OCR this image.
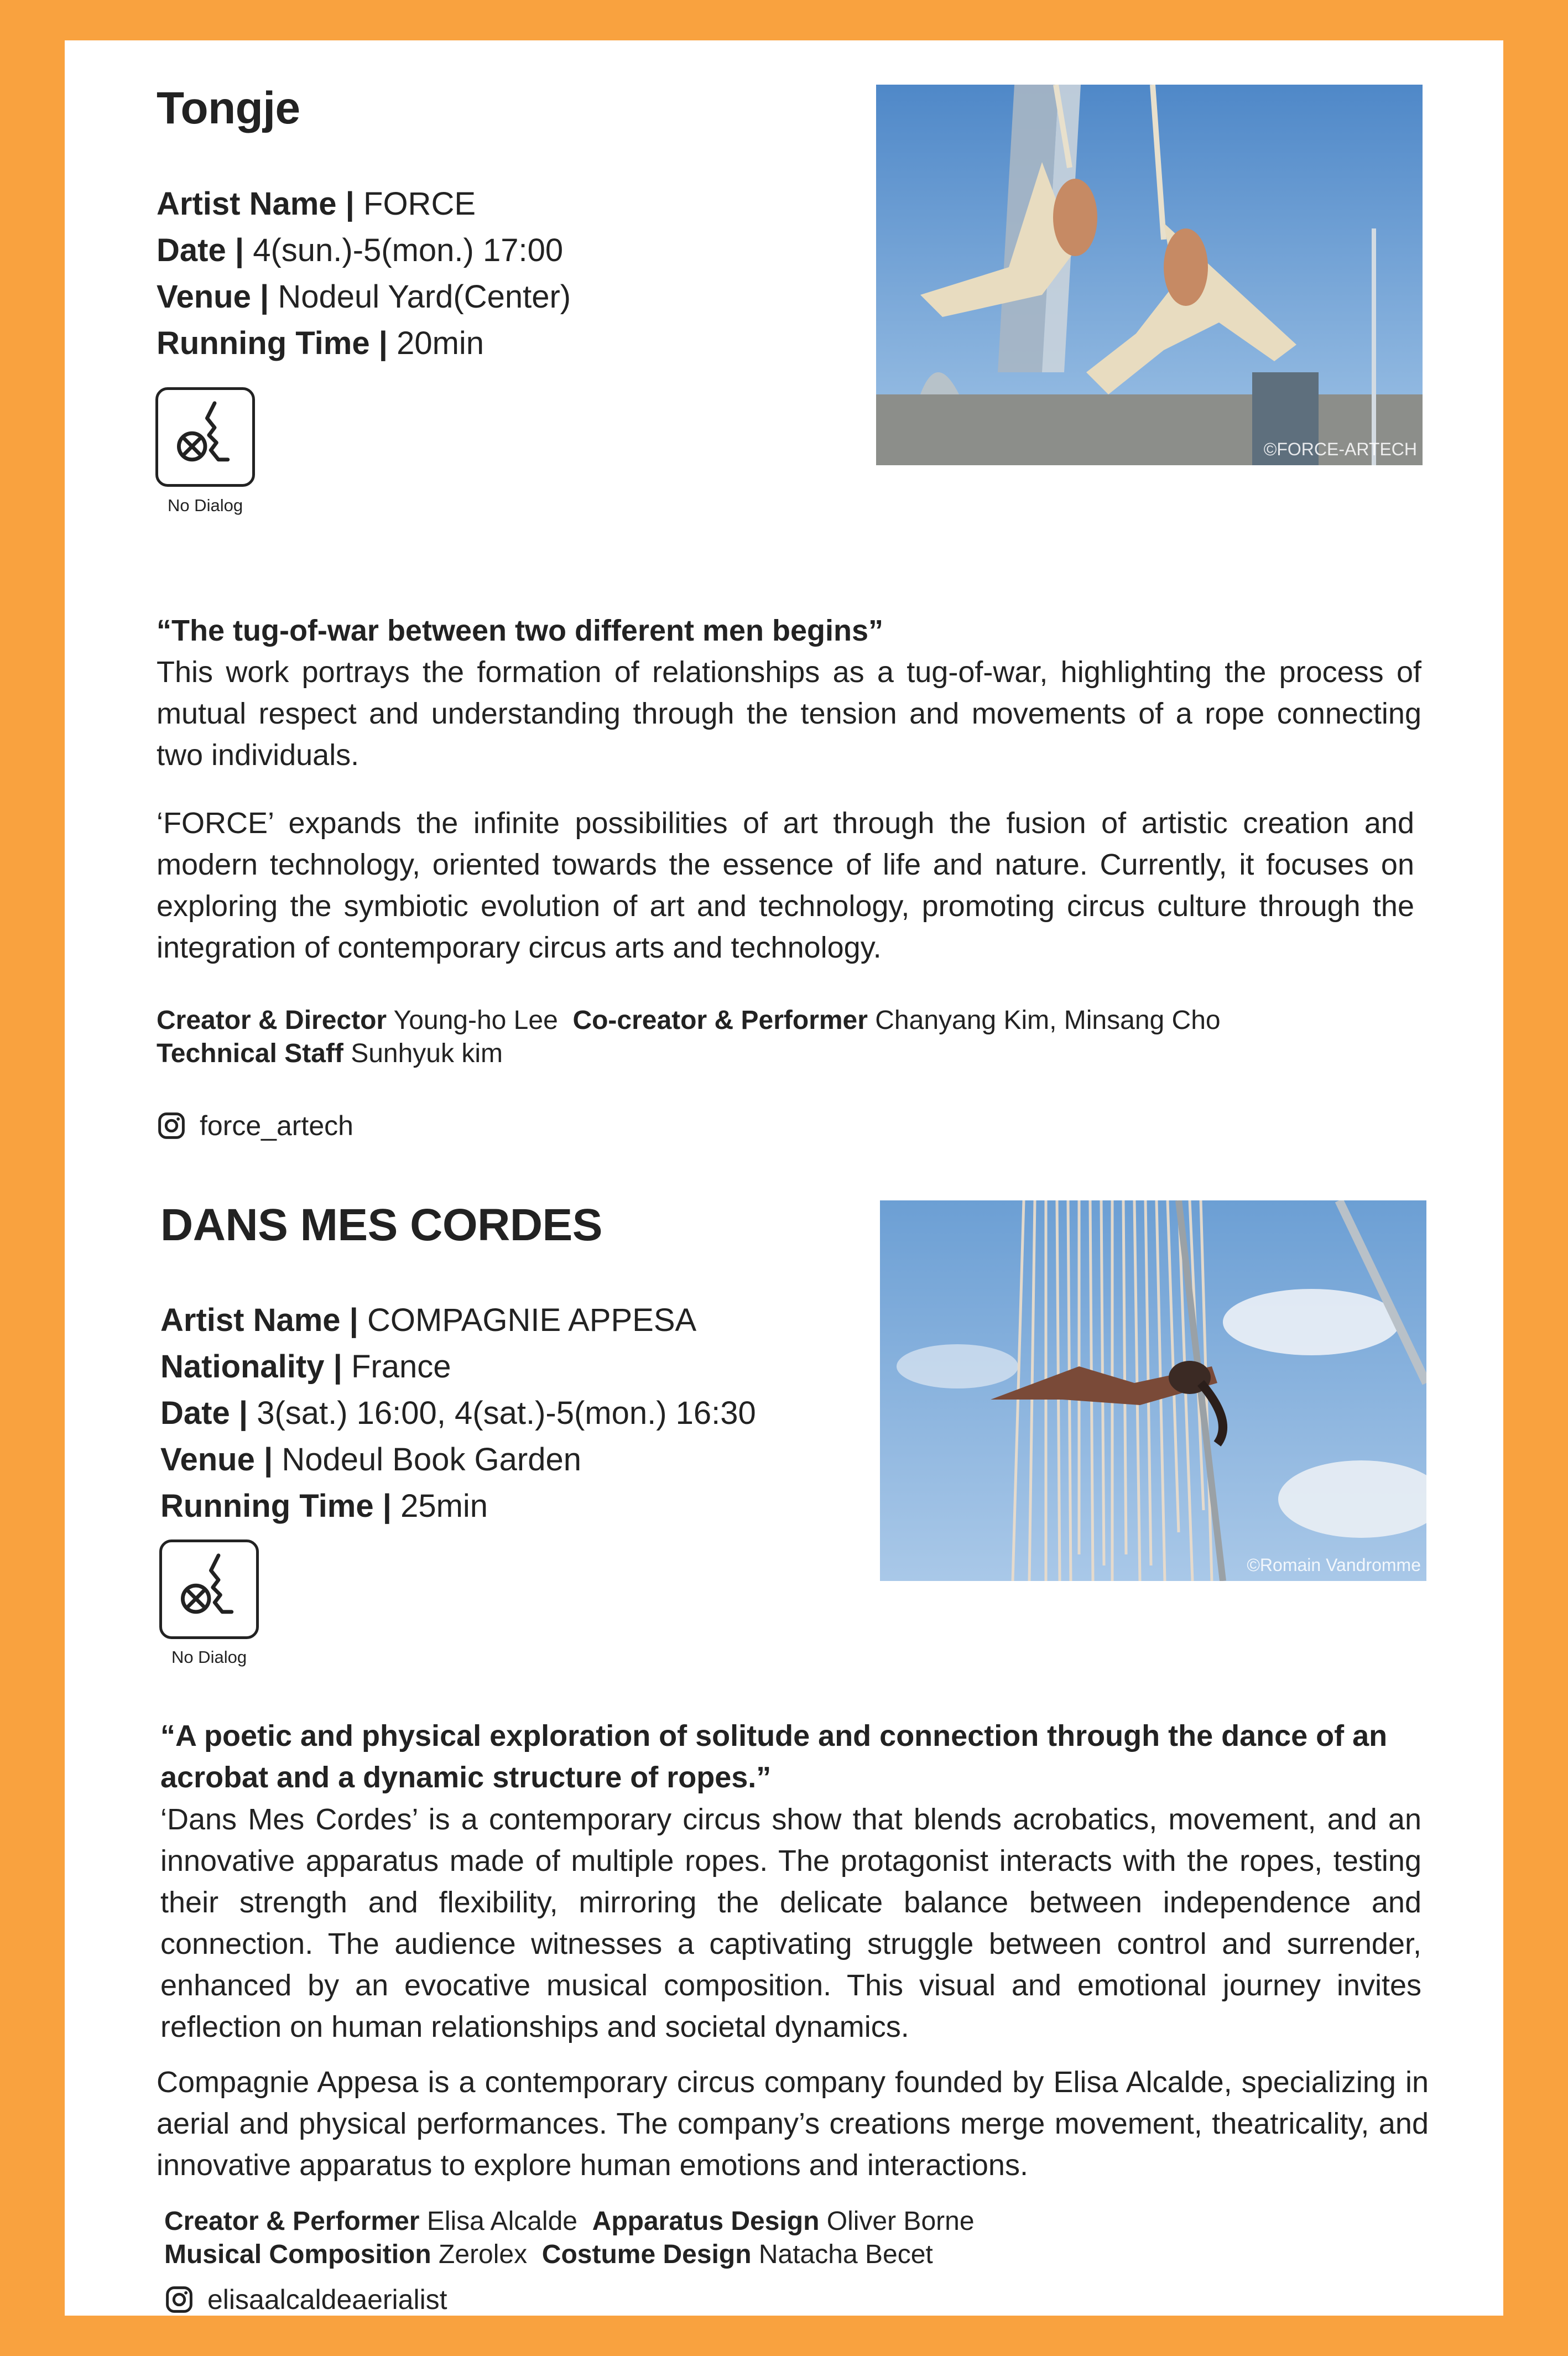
Tongje
Artist Name | FORCE
Date | 4(sun.)-5(mon.) 17:00
Venue | Nodeul Yard(Center)
Running Time | 20min
No Dialog
©FORCE-ARTECH
“The tug-of-war between two different men begins”
This work portrays the formation of relationships as a tug-of-war, highlighting the process of mutual respect and understanding through the tension and movements of a rope connecting two individuals.
‘FORCE’ expands the infinite possibilities of art through the fusion of artistic creation and modern technology, oriented towards the essence of life and nature. Currently, it focuses on exploring the symbiotic evolution of art and technology, promoting circus culture through the integration of contemporary circus arts and technology.
Creator & Director Young-ho Lee Co-creator & Performer Chanyang Kim, Minsang Cho
Technical Staff Sunhyuk kim
force_artech
DANS MES CORDES
Artist Name | COMPAGNIE APPESA
Nationality | France
Date | 3(sat.) 16:00, 4(sat.)-5(mon.) 16:30
Venue | Nodeul Book Garden
Running Time | 25min
No Dialog
©Romain Vandromme
“A poetic and physical exploration of solitude and connection through the dance of an acrobat and a dynamic structure of ropes.”
‘Dans Mes Cordes’ is a contemporary circus show that blends acrobatics, movement, and an innovative apparatus made of multiple ropes. The protagonist interacts with the ropes, testing their strength and flexibility, mirroring the delicate balance between independence and connection. The audience witnesses a captivating struggle between control and surrender, enhanced by an evocative musical composition. This visual and emotional journey invites reflection on human relationships and societal dynamics.
Compagnie Appesa is a contemporary circus company founded by Elisa Alcalde, specializing in aerial and physical performances. The company’s creations merge movement, theatricality, and innovative apparatus to explore human emotions and interactions.
Creator & Performer Elisa Alcalde Apparatus Design Oliver Borne
Musical Composition Zerolex Costume Design Natacha Becet
elisaalcaldeaerialist
